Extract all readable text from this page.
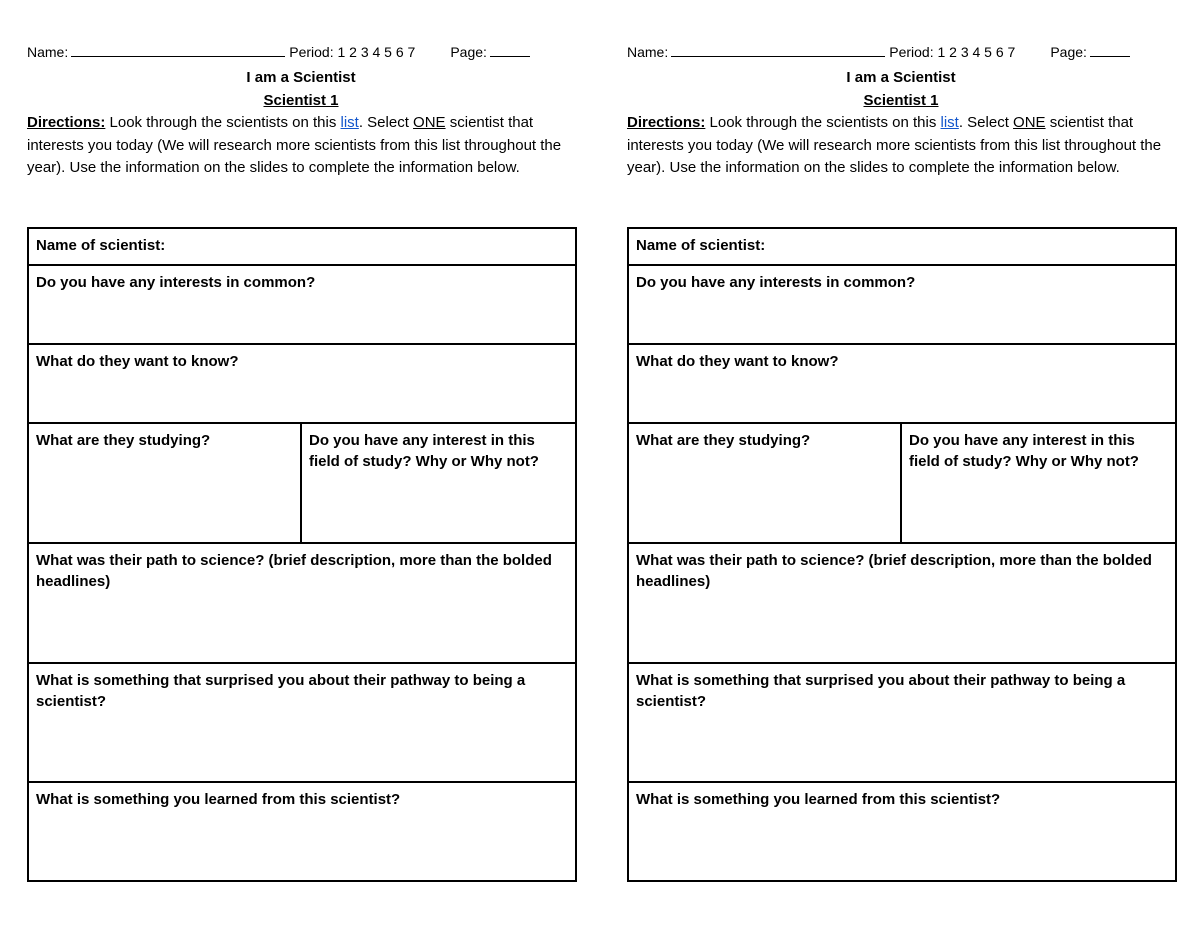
Name:	Period: 1 2 3 4 5 6 7	Page:
I am a Scientist
Scientist 1
Directions: Look through the scientists on this list. Select ONE scientist that interests you today (We will research more scientists from this list throughout the year). Use the information on the slides to complete the information below.
Name of scientist:
Do you have any interests in common?
What do they want to know?
What are they studying?	Do you have any interest in this field of study? Why or Why not?
What was their path to science? (brief description, more than the bolded headlines)
What is something that surprised you about their pathway to being a scientist?
What is something you learned from this scientist?
Name:	Period: 1 2 3 4 5 6 7	Page:
I am a Scientist
Scientist 1
Directions: Look through the scientists on this list. Select ONE scientist that interests you today (We will research more scientists from this list throughout the year). Use the information on the slides to complete the information below.
Name of scientist:
Do you have any interests in common?
What do they want to know?
What are they studying?	Do you have any interest in this field of study? Why or Why not?
What was their path to science? (brief description, more than the bolded headlines)
What is something that surprised you about their pathway to being a scientist?
What is something you learned from this scientist?
